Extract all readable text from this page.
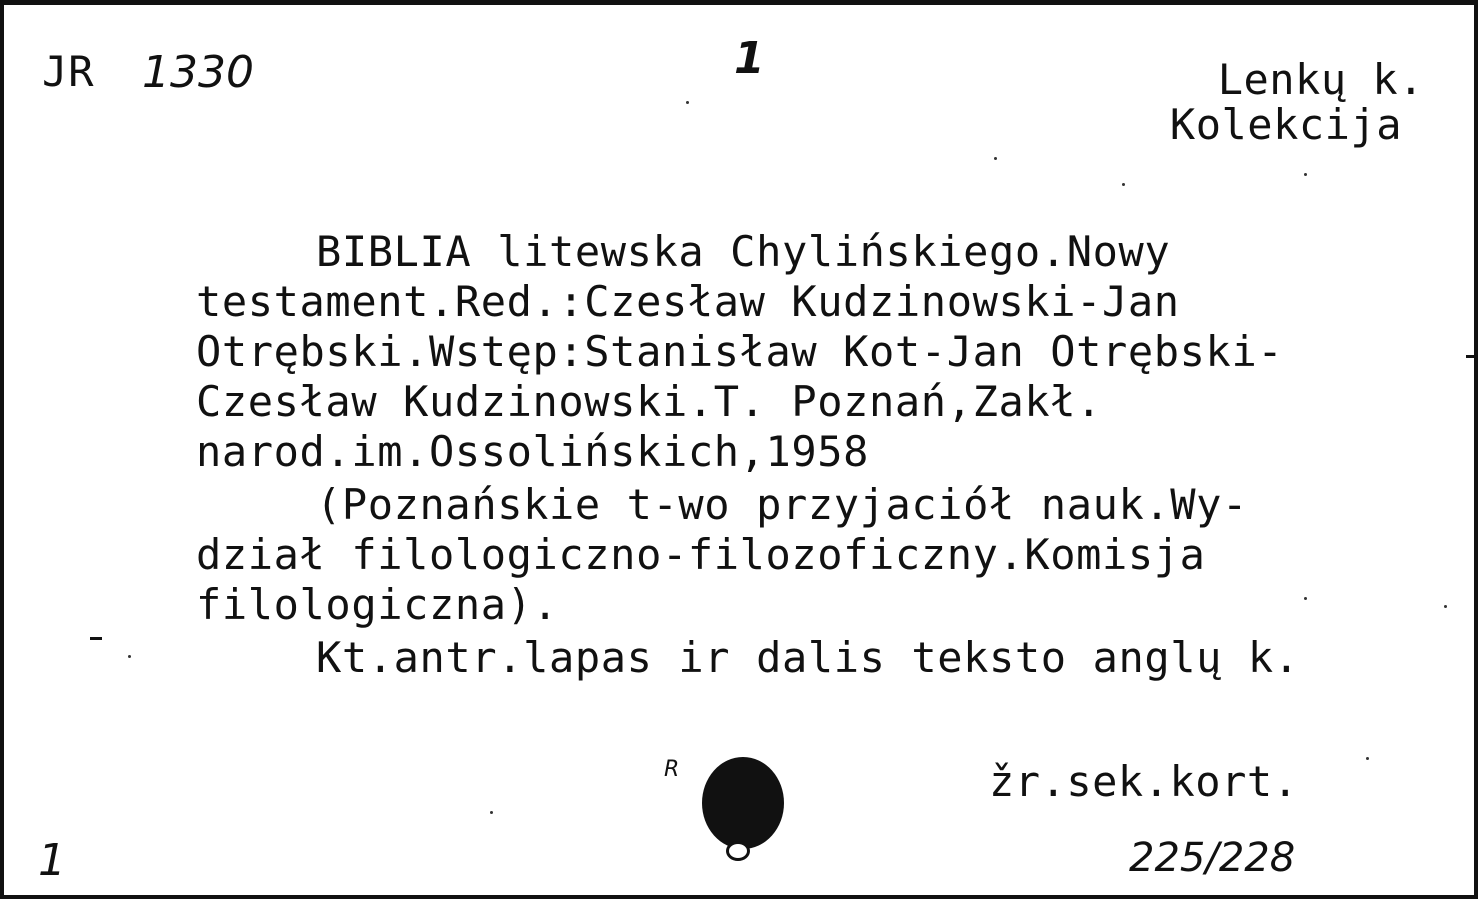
JR 1330	1	Lenkų k.
Kolekcija
BIBLIA litewska Chylińskiego.Nowy
testament.Red.:Czesław Kudzinowski-Jan
Otrębski.Wstęp:Stanisław Kot-Jan Otrębski-
Czesław Kudzinowski.T. Poznań,Zakł.
narod.im.Ossolińskich,1958
(Poznańskie t-wo przyjaciół nauk.Wy-
dział filologiczno-filozoficzny.Komisja
filologiczna).
Kt.antr.lapas ir dalis teksto anglų k.
R	žr.sek.kort.
225/228
1
